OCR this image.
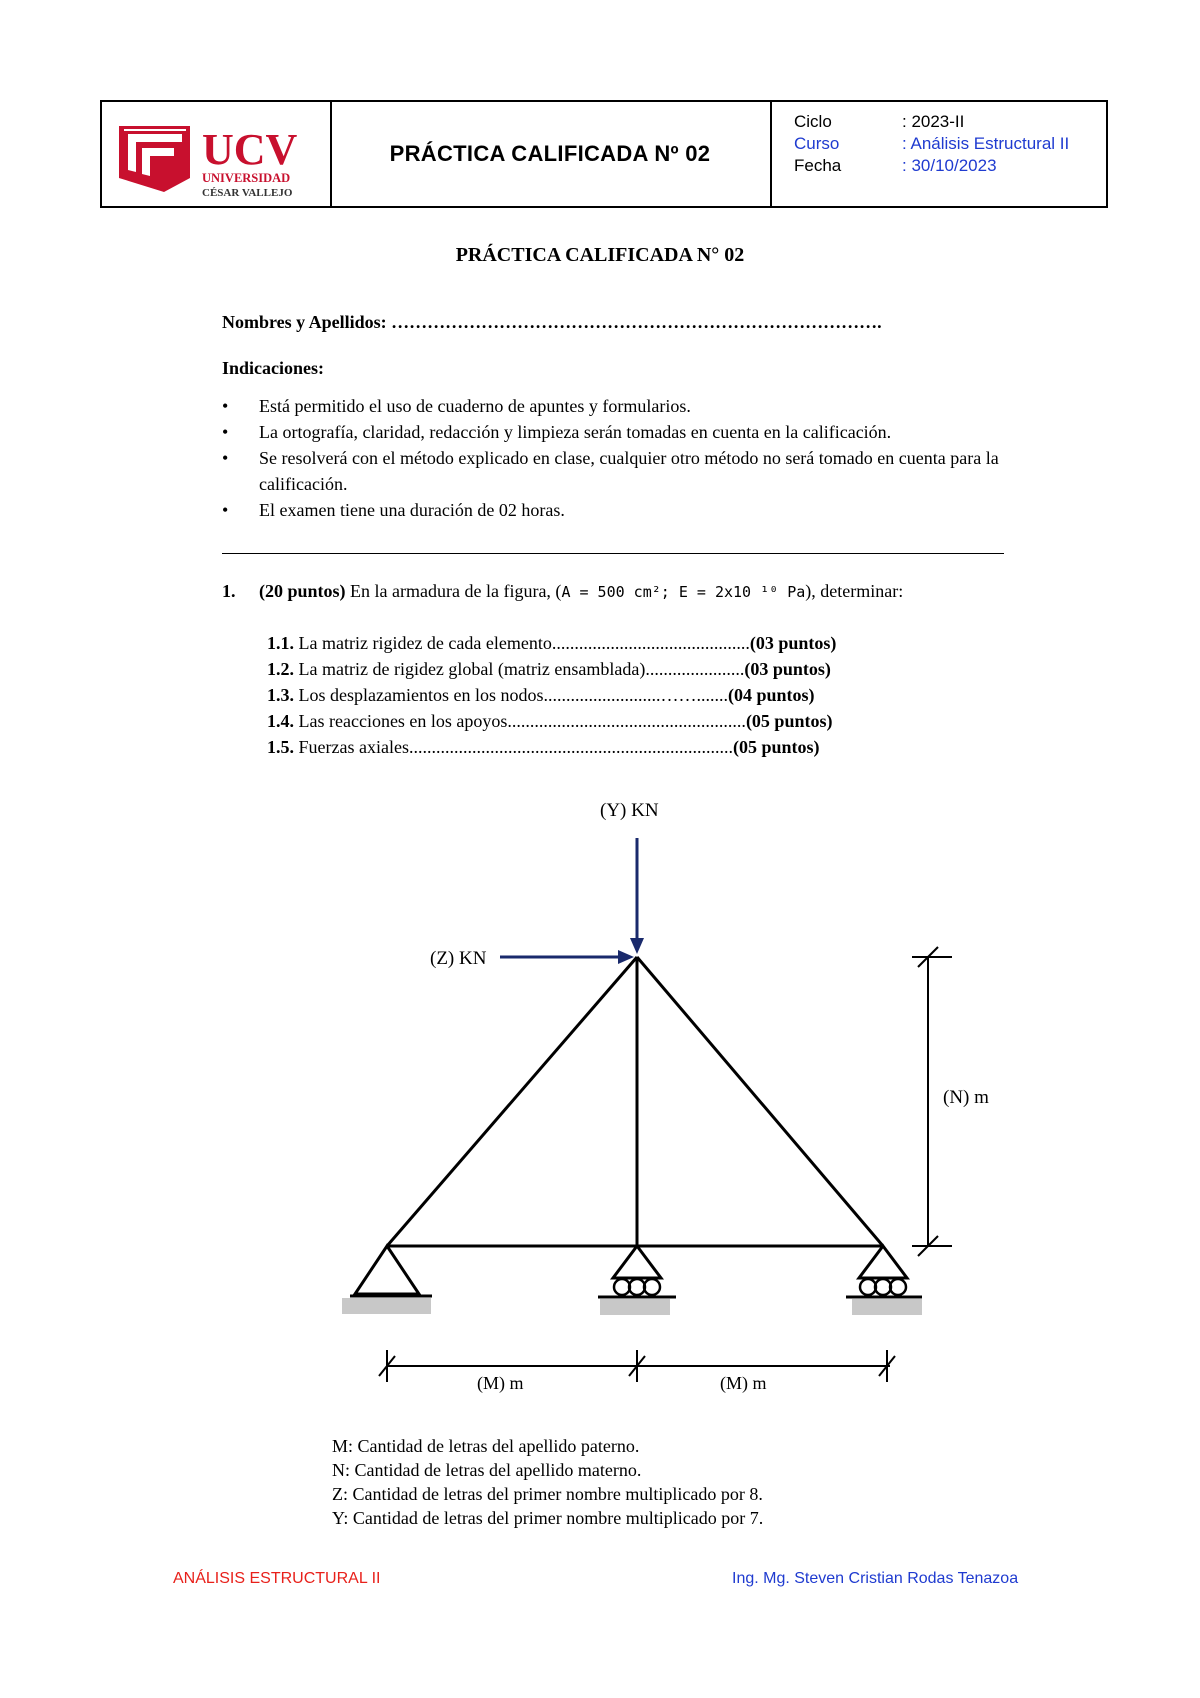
UCV
UNIVERSIDAD
CÉSAR VALLEJO
PRÁCTICA CALIFICADA Nº 02
Ciclo	: 2023-II
Curso	: Análisis Estructural II
Fecha	: 30/10/2023
PRÁCTICA CALIFICADA N° 02
Nombres y Apellidos: ……………………………………………………………………….
Indicaciones:
• Está permitido el uso de cuaderno de apuntes y formularios.
• La ortografía, claridad, redacción y limpieza serán tomadas en cuenta en la calificación.
• Se resolverá con el método explicado en clase, cualquier otro método no será tomado en cuenta para la calificación.
• El examen tiene una duración de 02 horas.
1. (20 puntos) En la armadura de la figura, (A = 500 cm²; E = 2x10 ¹⁰ Pa), determinar:
1.1. La matriz rigidez de cada elemento............................................(03 puntos)
1.2. La matriz de rigidez global (matriz ensamblada)......................(03 puntos)
1.3. Los desplazamientos en los nodos..........................…….......(04 puntos)
1.4. Las reacciones en los apoyos.....................................................(05 puntos)
1.5. Fuerzas axiales........................................................................(05 puntos)
(Y) KN
(Z) KN
(N) m
(M) m	(M) m
M: Cantidad de letras del apellido paterno.
N: Cantidad de letras del apellido materno.
Z: Cantidad de letras del primer nombre multiplicado por 8.
Y: Cantidad de letras del primer nombre multiplicado por 7.
ANÁLISIS ESTRUCTURAL II	Ing. Mg. Steven Cristian Rodas Tenazoa
